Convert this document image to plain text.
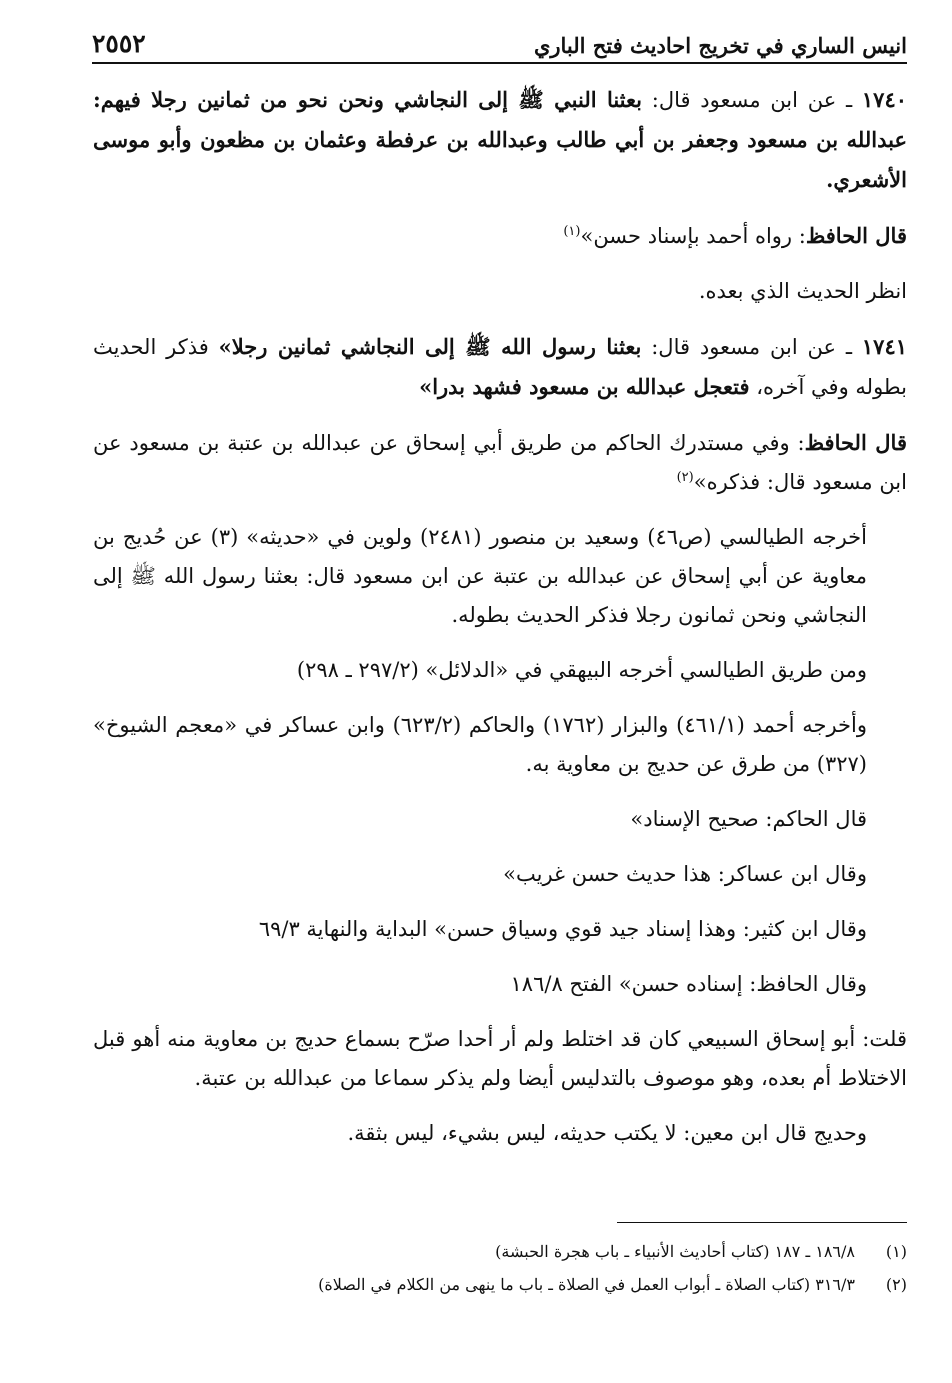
انيس الساري في تخريج احاديث فتح الباري
٢٥٥٢

١٧٤٠ ـ عن ابن مسعود قال: بعثنا النبي ﷺ إلى النجاشي ونحن نحو من ثمانين رجلا فيهم: عبدالله بن مسعود وجعفر بن أبي طالب وعبدالله بن عرفطة وعثمان بن مظعون وأبو موسى الأشعري.

قال الحافظ: رواه أحمد بإسناد حسن»$^{(١)}$

انظر الحديث الذي بعده.

١٧٤١ ـ عن ابن مسعود قال: بعثنا رسول الله ﷺ إلى النجاشي ثمانين رجلا» فذكر الحديث بطوله وفي آخره، فتعجل عبدالله بن مسعود فشهد بدرا»

قال الحافظ: وفي مستدرك الحاكم من طريق أبي إسحاق عن عبدالله بن عتبة بن مسعود عن ابن مسعود قال: فذكره»$^{(٢)}$

أخرجه الطيالسي (ص٤٦) وسعيد بن منصور (٢٤٨١) ولوين في «حديثه» (٣) عن حُديج بن معاوية عن أبي إسحاق عن عبدالله بن عتبة عن ابن مسعود قال: بعثنا رسول الله ﷺ إلى النجاشي ونحن ثمانون رجلا فذكر الحديث بطوله.

ومن طريق الطيالسي أخرجه البيهقي في «الدلائل» (٢٩٧/٢ ـ ٢٩٨)

وأخرجه أحمد (٤٦١/١) والبزار (١٧٦٢) والحاكم (٦٢٣/٢) وابن عساكر في «معجم الشيوخ» (٣٢٧) من طرق عن حديج بن معاوية به.

قال الحاكم: صحيح الإسناد»

وقال ابن عساكر: هذا حديث حسن غريب»

وقال ابن كثير: وهذا إسناد جيد قوي وسياق حسن» البداية والنهاية ٦٩/٣

وقال الحافظ: إسناده حسن» الفتح ١٨٦/٨

قلت: أبو إسحاق السبيعي كان قد اختلط ولم أر أحدا صرّح بسماع حديج بن معاوية منه أهو قبل الاختلاط أم بعده، وهو موصوف بالتدليس أيضا ولم يذكر سماعا من عبدالله بن عتبة.

وحديج قال ابن معين: لا يكتب حديثه، ليس بشيء، ليس بثقة.

(١)١٨٦/٨ ـ ١٨٧ (كتاب أحاديث الأنبياء ـ باب هجرة الحبشة)

(٢)٣١٦/٣ (كتاب الصلاة ـ أبواب العمل في الصلاة ـ باب ما ينهى من الكلام في الصلاة)
